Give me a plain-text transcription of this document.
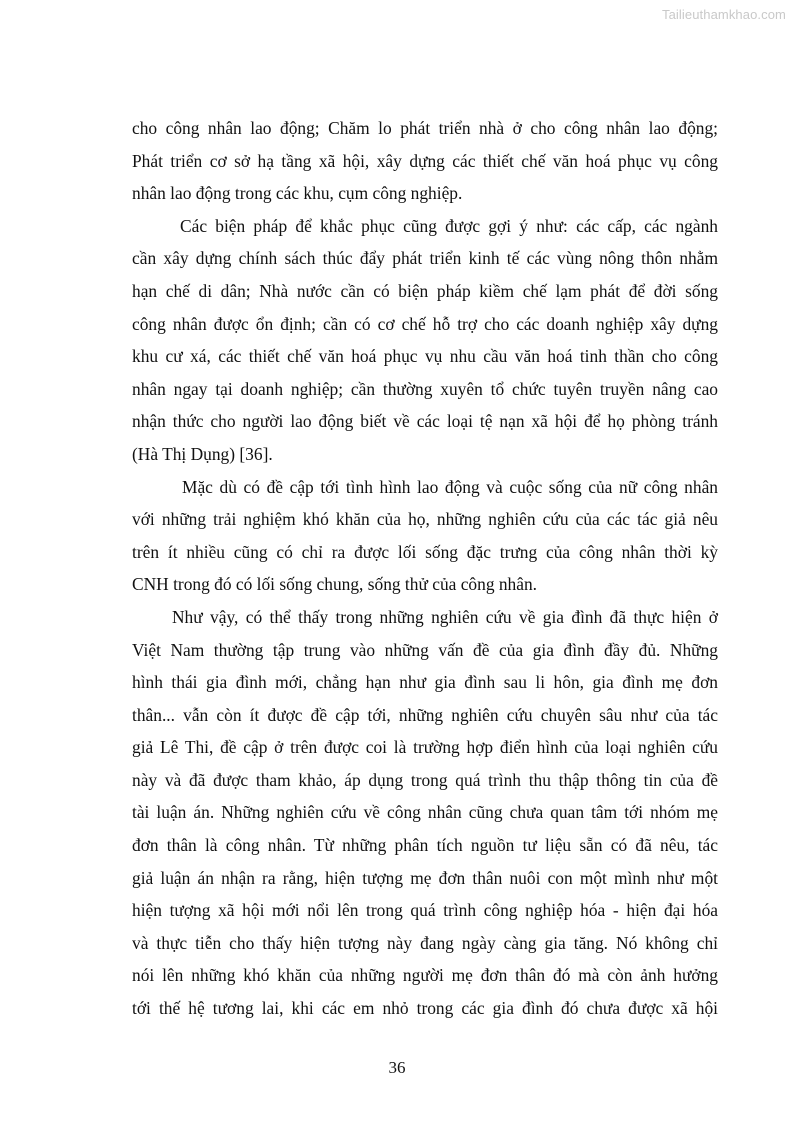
Tailieuthamkhao.com
cho công nhân lao động; Chăm lo phát triển nhà ở cho công nhân lao động;
Phát triển cơ sở hạ tầng xã hội, xây dựng các thiết chế văn hoá phục vụ công
nhân lao động trong các khu, cụm công nghiệp.
Các biện pháp để khắc phục cũng được gợi ý như: các cấp, các ngành
cần xây dựng chính sách thúc đẩy phát triển kinh tế các vùng nông thôn nhằm
hạn chế di dân; Nhà nước cần có biện pháp kiềm chế lạm phát để đời sống
công nhân được ổn định; cần có cơ chế hỗ trợ cho các doanh nghiệp xây dựng
khu cư xá, các thiết chế văn hoá phục vụ nhu cầu văn hoá tinh thần cho công
nhân ngay tại doanh nghiệp; cần thường xuyên tổ chức tuyên truyền nâng cao
nhận thức cho người lao động biết về các loại tệ nạn xã hội để họ phòng tránh
(Hà Thị Dụng) [36].
Mặc dù có đề cập tới tình hình lao động và cuộc sống của nữ công nhân
với những trải nghiệm khó khăn của họ, những nghiên cứu của các tác giả nêu
trên ít nhiều cũng có chỉ ra được lối sống đặc trưng của công nhân thời kỳ
CNH trong đó có lối sống chung, sống thử của công nhân.
Như vậy, có thể thấy trong những nghiên cứu về gia đình đã thực hiện ở
Việt Nam thường tập trung vào những vấn đề của gia đình đầy đủ. Những
hình thái gia đình mới, chẳng hạn như gia đình sau li hôn, gia đình mẹ đơn
thân... vẫn còn ít được đề cập tới, những nghiên cứu chuyên sâu như của tác
giả Lê Thi, đề cập ở trên được coi là trường hợp điển hình của loại nghiên cứu
này và đã được tham khảo, áp dụng trong quá trình thu thập thông tin của đề
tài luận án. Những nghiên cứu về công nhân cũng chưa quan tâm tới nhóm mẹ
đơn thân là công nhân. Từ những phân tích nguồn tư liệu sẵn có đã nêu, tác
giả luận án nhận ra rằng, hiện tượng mẹ đơn thân nuôi con một mình như một
hiện tượng xã hội mới nổi lên trong quá trình công nghiệp hóa - hiện đại hóa
và thực tiễn cho thấy hiện tượng này đang ngày càng gia tăng. Nó không chỉ
nói lên những khó khăn của những người mẹ đơn thân đó mà còn ảnh hưởng
tới thế hệ tương lai, khi các em nhỏ trong các gia đình đó chưa được xã hội
36
